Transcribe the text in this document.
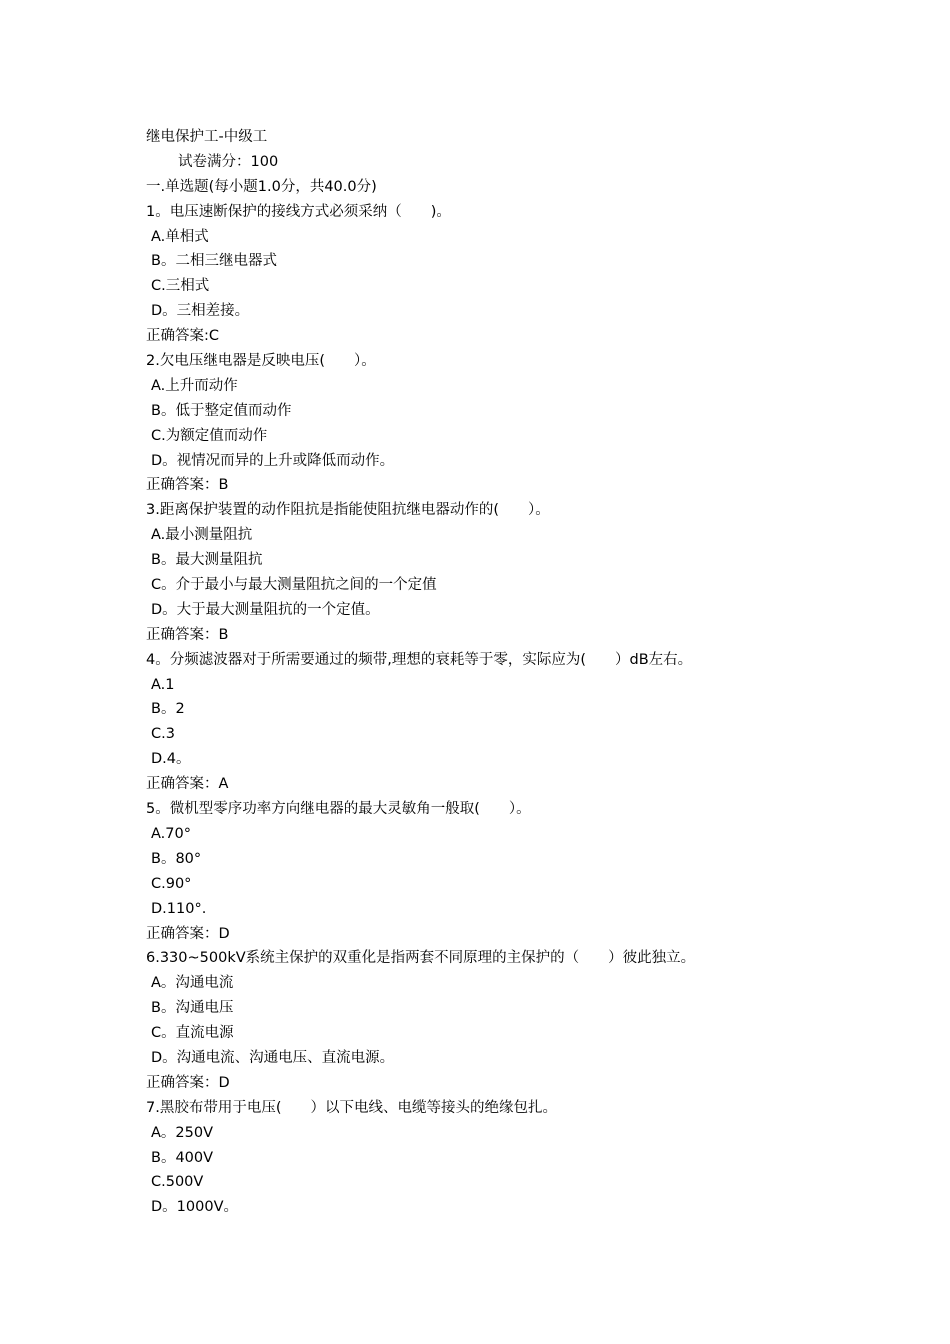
继电保护工-中级工
试卷满分：100
一.单选题(每小题1.0分，共40.0分)
1。电压速断保护的接线方式必须采纳（　　)。
A.单相式
B。二相三继电器式
C.三相式
D。三相差接。
正确答案:C
2.欠电压继电器是反映电压(　　）。
A.上升而动作
B。低于整定值而动作
C.为额定值而动作
D。视情况而异的上升或降低而动作。
正确答案：B
3.距离保护装置的动作阻抗是指能使阻抗继电器动作的(　　）。
A.最小测量阻抗
B。最大测量阻抗
C。介于最小与最大测量阻抗之间的一个定值
D。大于最大测量阻抗的一个定值。
正确答案：B
4。分频滤波器对于所需要通过的频带,理想的衰耗等于零，实际应为(　　）dB左右。
A.1
B。2
C.3
D.4。
正确答案：A
5。微机型零序功率方向继电器的最大灵敏角一般取(　　）。
A.70°
B。80°
C.90°
D.110°.
正确答案：D
6.330~500kV系统主保护的双重化是指两套不同原理的主保护的（　　）彼此独立。
A。沟通电流
B。沟通电压
C。直流电源
D。沟通电流、沟通电压、直流电源。
正确答案：D
7.黑胶布带用于电压(　　）以下电线、电缆等接头的绝缘包扎。
A。250V
B。400V
C.500V
D。1000V。
